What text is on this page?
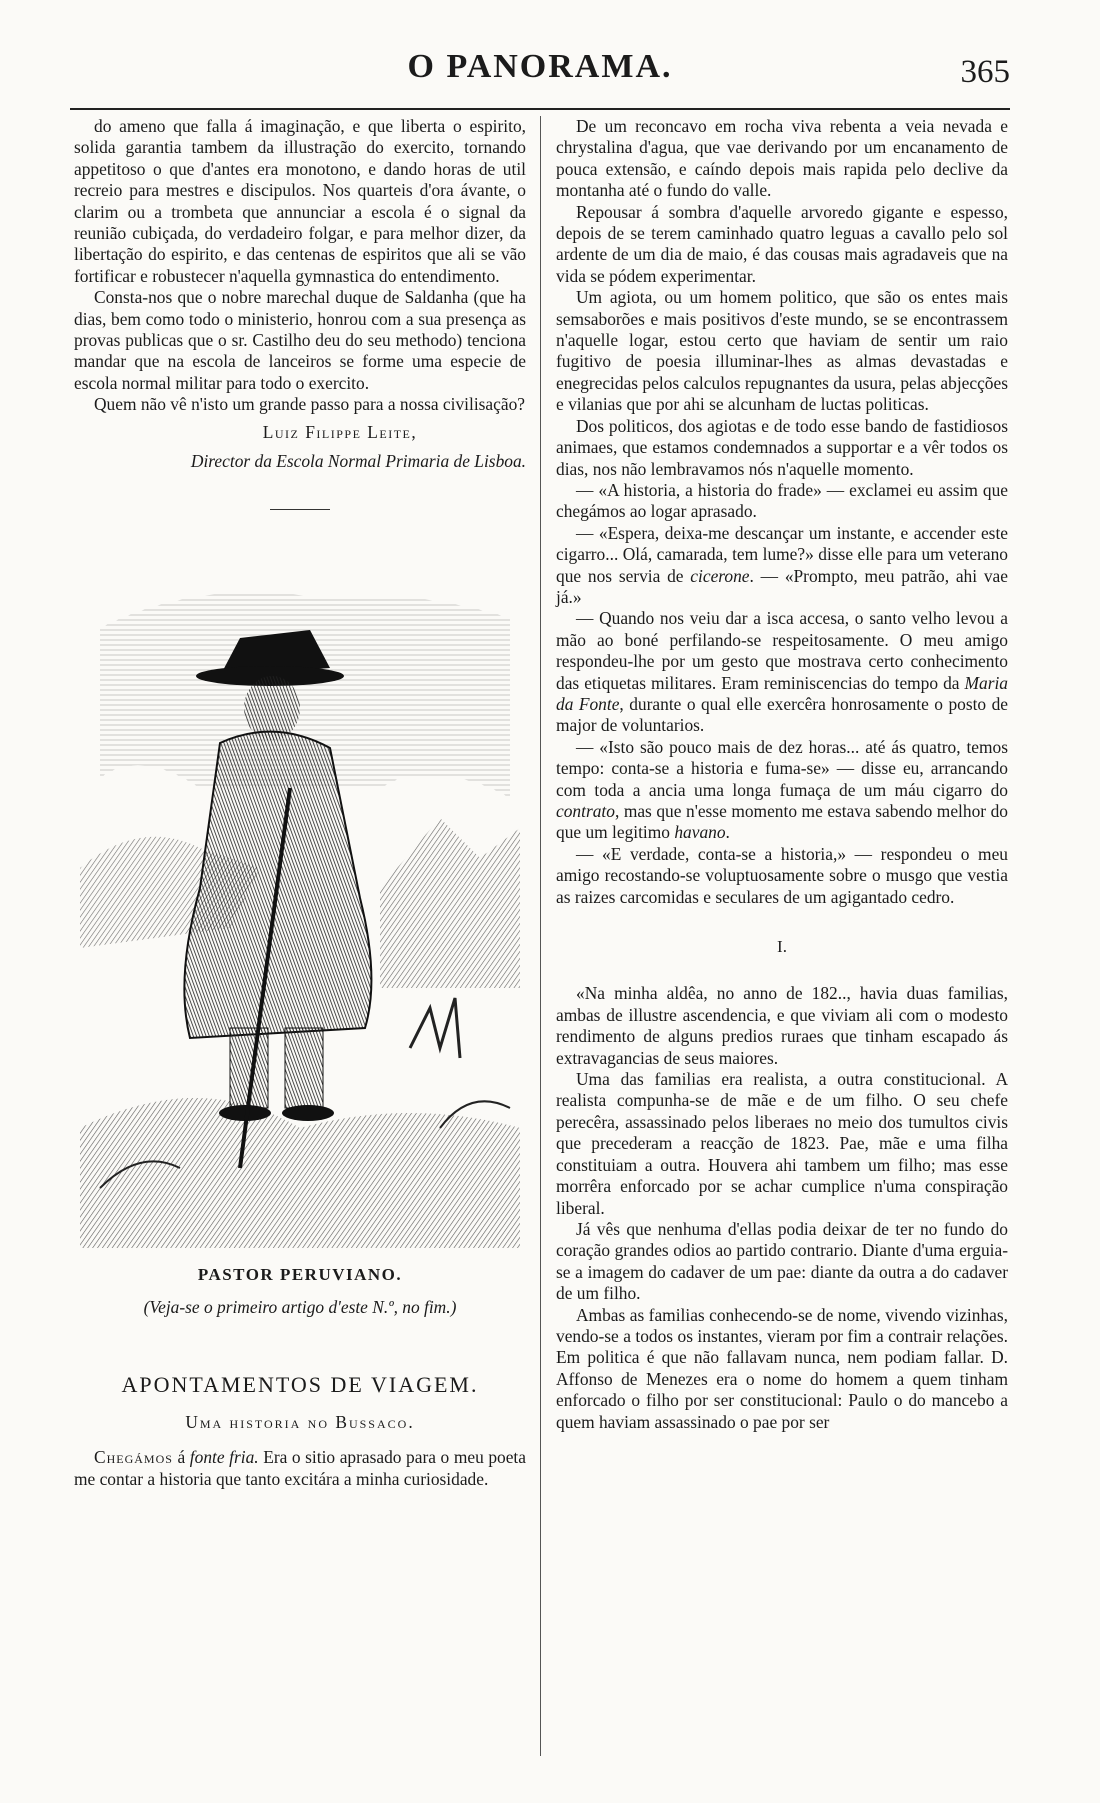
O PANORAMA.	365

do ameno que falla á imaginação, e que liberta o espirito, solida garantia tambem da illustração do exercito, tornando appetitoso o que d'antes era monotono, e dando horas de util recreio para mestres e discipulos. Nos quarteis d'ora ávante, o clarim ou a trombeta que annunciar a escola é o signal da reunião cubiçada, do verdadeiro folgar, e para melhor dizer, da libertação do espirito, e das centenas de espiritos que ali se vão fortificar e robustecer n'aquella gymnastica do entendimento.

Consta-nos que o nobre marechal duque de Saldanha (que ha dias, bem como todo o ministerio, honrou com a sua presença as provas publicas que o sr. Castilho deu do seu methodo) tenciona mandar que na escola de lanceiros se forme uma especie de escola normal militar para todo o exercito.

Quem não vê n'isto um grande passo para a nossa civilisação?

Luiz Filippe Leite,
Director da Escola Normal Primaria de Lisboa.
PASTOR PERUVIANO.
(Veja-se o primeiro artigo d'este N.º, no fim.)
APONTAMENTOS DE VIAGEM.
Uma historia no Bussaco.

Chegámos á fonte fria. Era o sitio aprasado para o meu poeta me contar a historia que tanto excitára a minha curiosidade.

De um reconcavo em rocha viva rebenta a veia nevada e chrystalina d'agua, que vae derivando por um encanamento de pouca extensão, e caíndo depois mais rapida pelo declive da montanha até o fundo do valle.

Repousar á sombra d'aquelle arvoredo gigante e espesso, depois de se terem caminhado quatro leguas a cavallo pelo sol ardente de um dia de maio, é das cousas mais agradaveis que na vida se pódem experimentar.

Um agiota, ou um homem politico, que são os entes mais semsaborões e mais positivos d'este mundo, se se encontrassem n'aquelle logar, estou certo que haviam de sentir um raio fugitivo de poesia illuminar-lhes as almas devastadas e enegrecidas pelos calculos repugnantes da usura, pelas abjecções e vilanias que por ahi se alcunham de luctas politicas.

Dos politicos, dos agiotas e de todo esse bando de fastidiosos animaes, que estamos condemnados a supportar e a vêr todos os dias, nos não lembravamos nós n'aquelle momento.

— «A historia, a historia do frade» — exclamei eu assim que chegámos ao logar aprasado.

— «Espera, deixa-me descançar um instante, e accender este cigarro... Olá, camarada, tem lume?» disse elle para um veterano que nos servia de cicerone. — «Prompto, meu patrão, ahi vae já.»

— Quando nos veiu dar a isca accesa, o santo velho levou a mão ao boné perfilando-se respeitosamente. O meu amigo respondeu-lhe por um gesto que mostrava certo conhecimento das etiquetas militares. Eram reminiscencias do tempo da Maria da Fonte, durante o qual elle exercêra honrosamente o posto de major de voluntarios.

— «Isto são pouco mais de dez horas... até ás quatro, temos tempo: conta-se a historia e fuma-se» — disse eu, arrancando com toda a ancia uma longa fumaça de um máu cigarro do contrato, mas que n'esse momento me estava sabendo melhor do que um legitimo havano.

— «E verdade, conta-se a historia,» — respondeu o meu amigo recostando-se voluptuosamente sobre o musgo que vestia as raizes carcomidas e seculares de um agigantado cedro.

I.

«Na minha aldêa, no anno de 182.., havia duas familias, ambas de illustre ascendencia, e que viviam ali com o modesto rendimento de alguns predios ruraes que tinham escapado ás extravagancias de seus maiores.

Uma das familias era realista, a outra constitucional. A realista compunha-se de mãe e de um filho. O seu chefe perecêra, assassinado pelos liberaes no meio dos tumultos civis que precederam a reacção de 1823. Pae, mãe e uma filha constituiam a outra. Houvera ahi tambem um filho; mas esse morrêra enforcado por se achar cumplice n'uma conspiração liberal.

Já vês que nenhuma d'ellas podia deixar de ter no fundo do coração grandes odios ao partido contrario. Diante d'uma erguia-se a imagem do cadaver de um pae: diante da outra a do cadaver de um filho.

Ambas as familias conhecendo-se de nome, vivendo vizinhas, vendo-se a todos os instantes, vieram por fim a contrair relações. Em politica é que não fallavam nunca, nem podiam fallar. D. Affonso de Menezes era o nome do homem a quem tinham enforcado o filho por ser constitucional: Paulo o do mancebo a quem haviam assassinado o pae por ser
